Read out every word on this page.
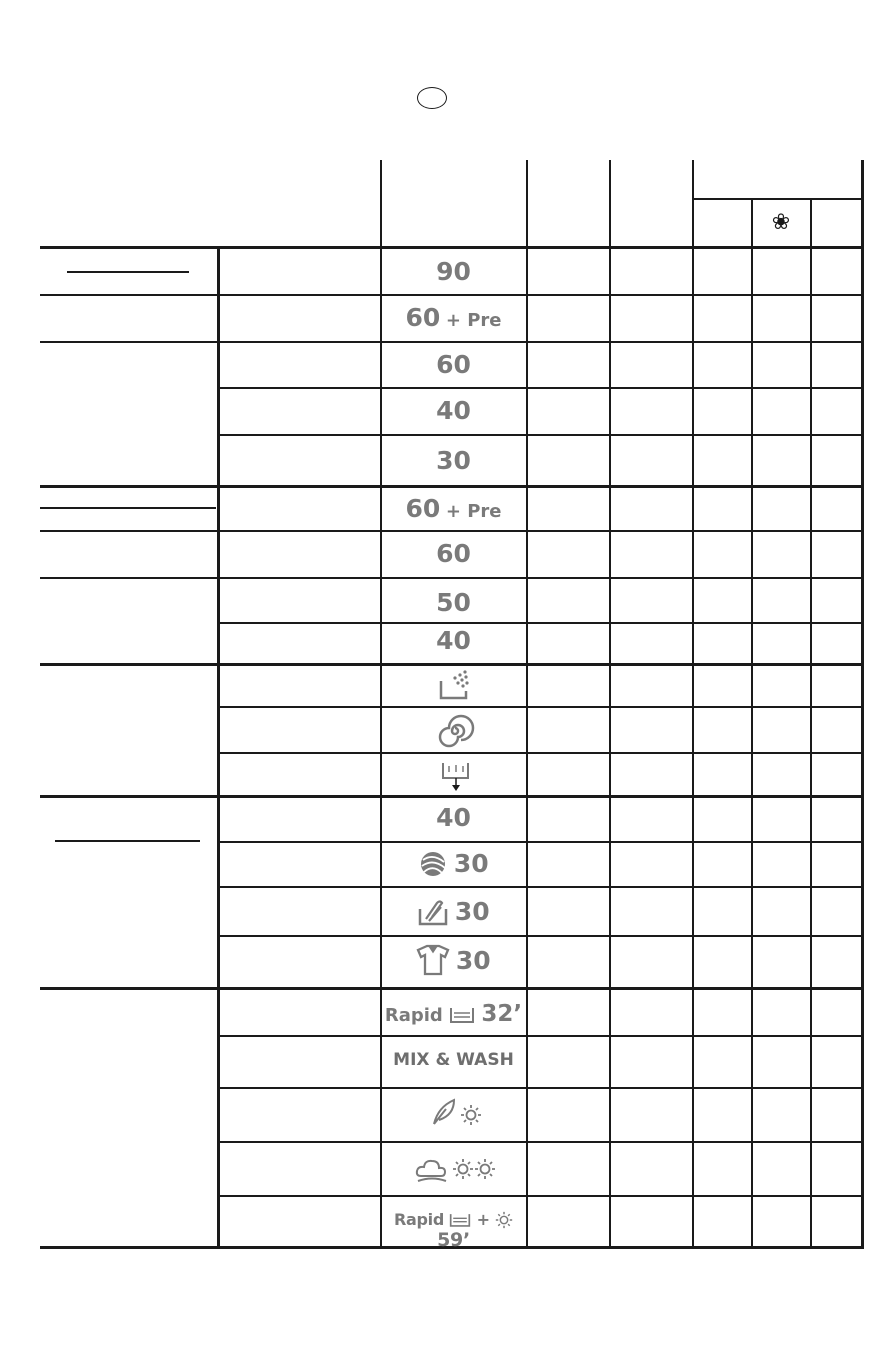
❀
90
60 + Pre
60
40
30
60 + Pre
60
50
40
40
30
30
30
Rapid 32’
MIX & WASH
Rapid +  59’
